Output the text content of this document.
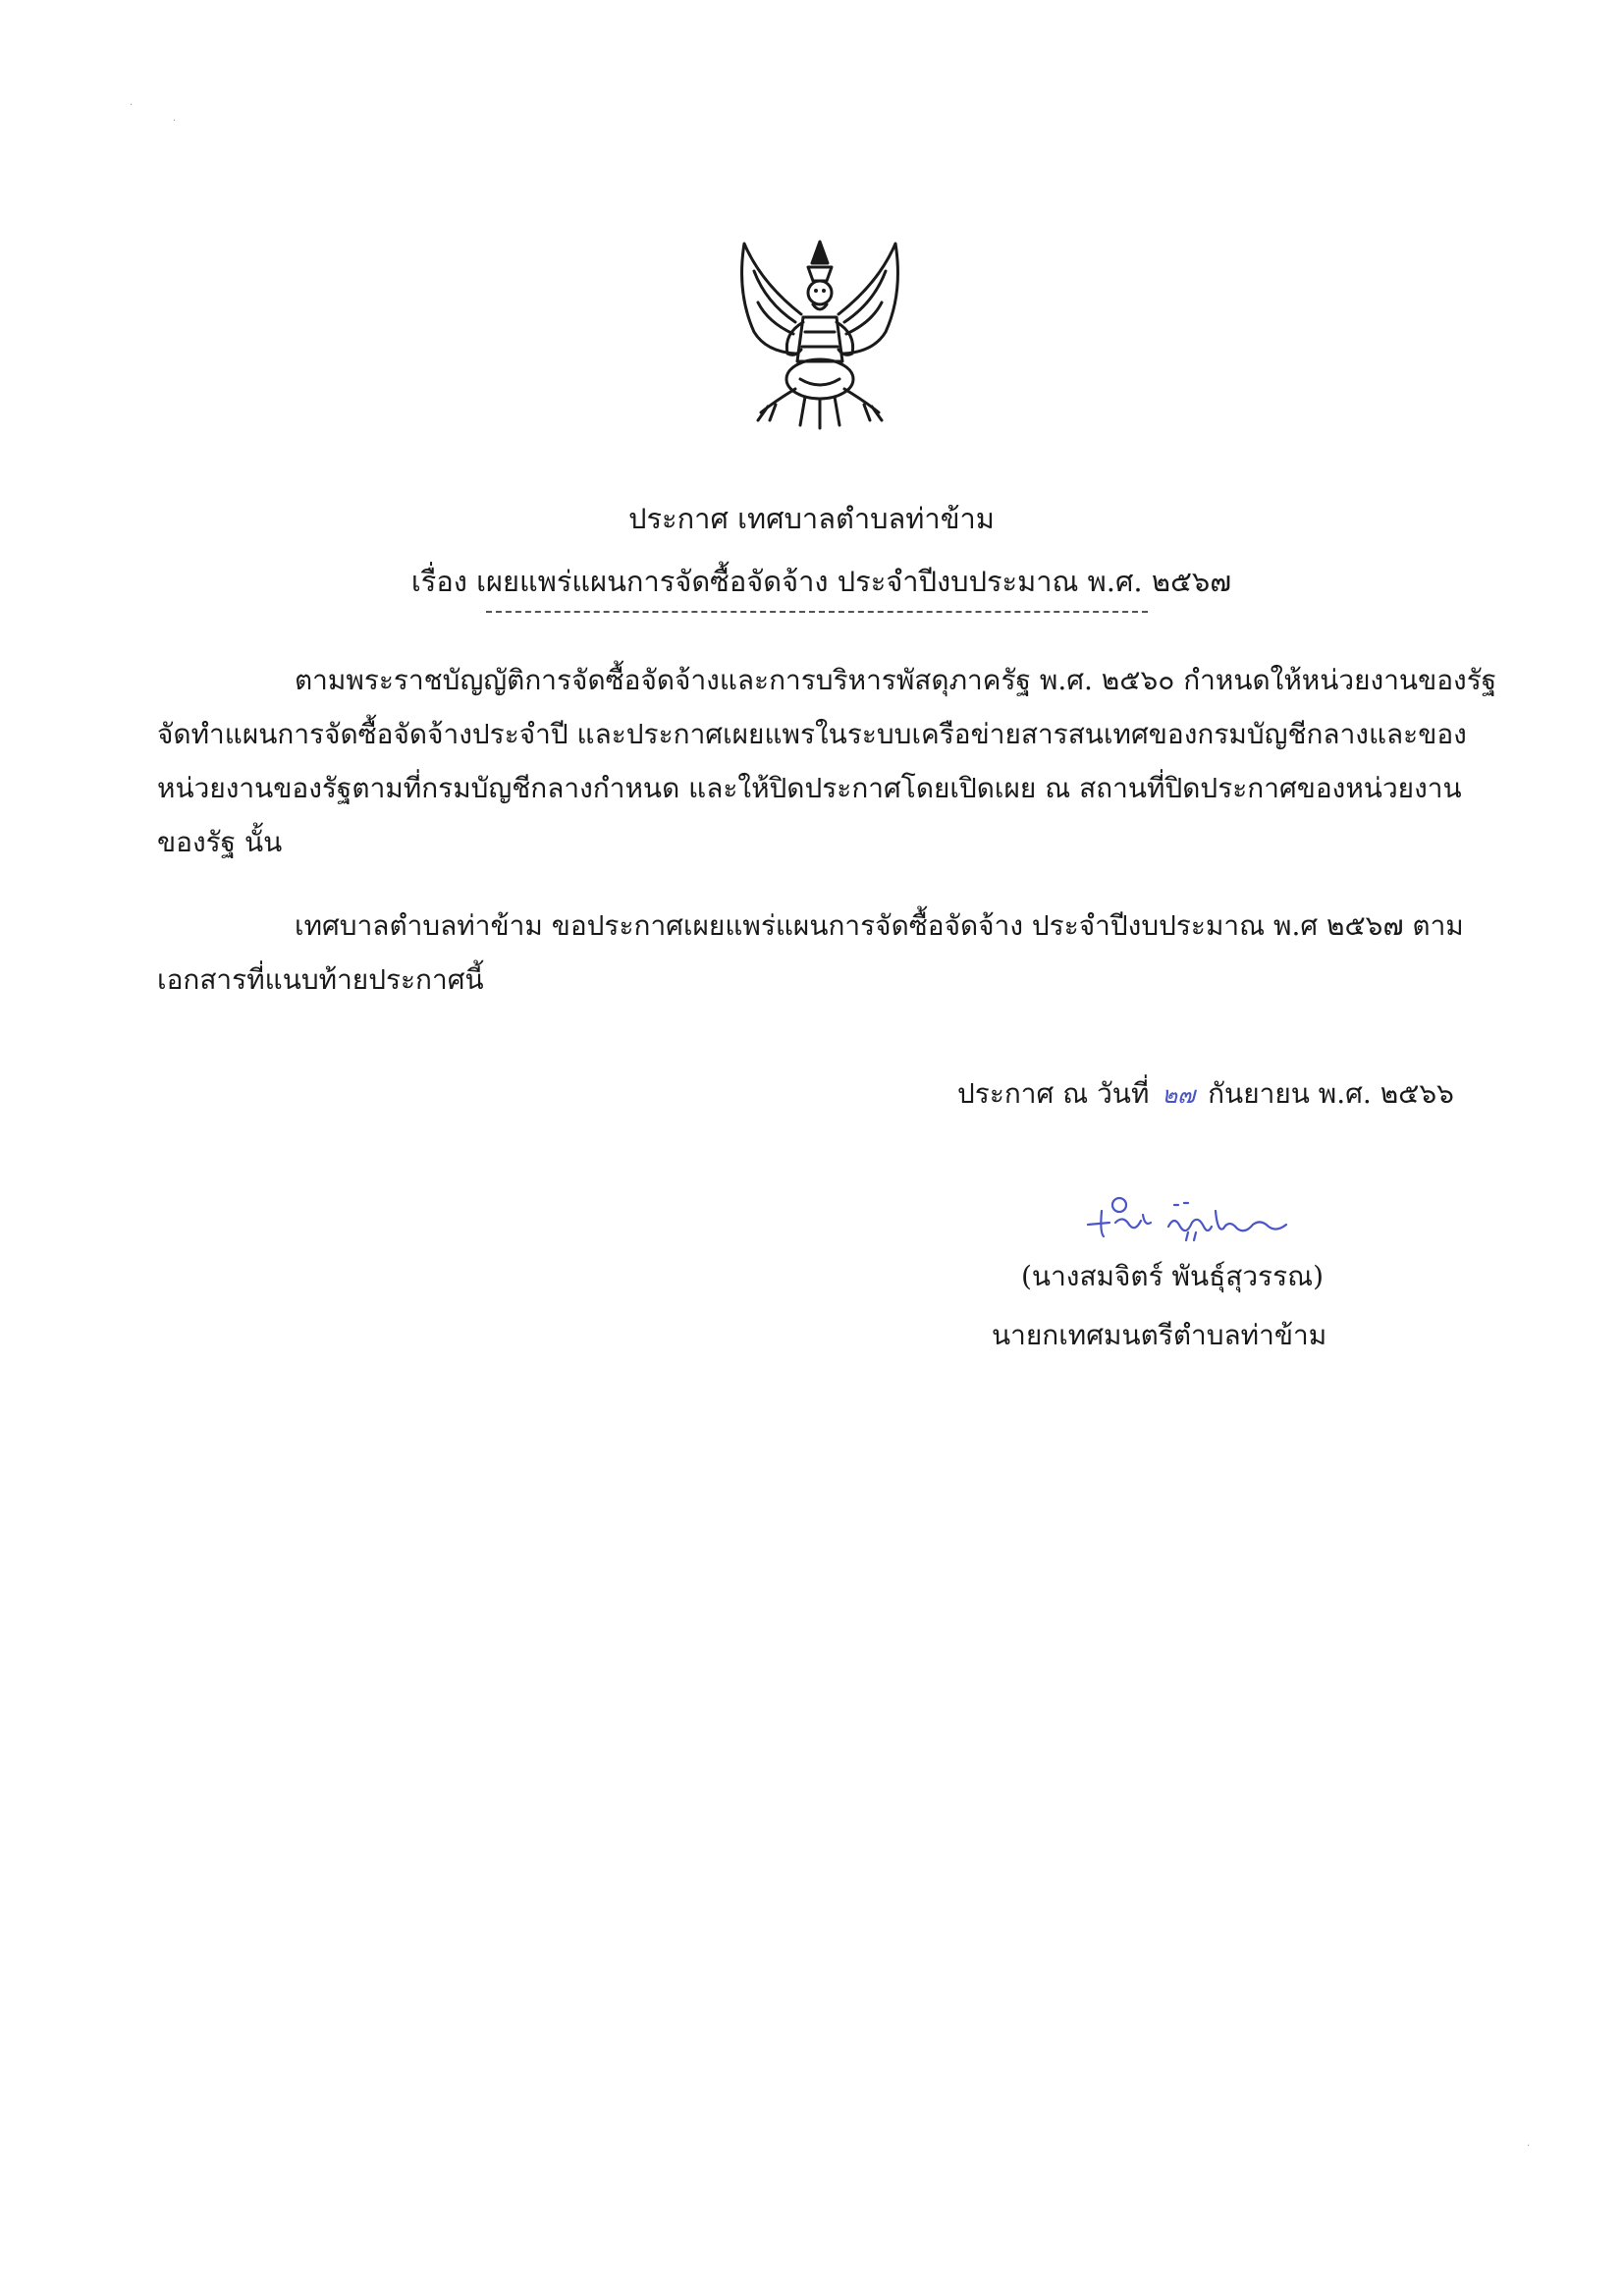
ประกาศ เทศบาลตำบลท่าข้าม
เรื่อง เผยแพร่แผนการจัดซื้อจัดจ้าง ประจำปีงบประมาณ พ.ศ. ๒๕๖๗
ตามพระราชบัญญัติการจัดซื้อจัดจ้างและการบริหารพัสดุภาครัฐ พ.ศ. ๒๕๖๐ กำหนดให้หน่วยงานของรัฐ
จัดทำแผนการจัดซื้อจัดจ้างประจำปี และประกาศเผยแพรในระบบเครือข่ายสารสนเทศของกรมบัญชีกลางและของ
หน่วยงานของรัฐตามที่กรมบัญชีกลางกำหนด และให้ปิดประกาศโดยเปิดเผย ณ สถานที่ปิดประกาศของหน่วยงาน
ของรัฐ นั้น
เทศบาลตำบลท่าข้าม ขอประกาศเผยแพร่แผนการจัดซื้อจัดจ้าง ประจำปีงบประมาณ พ.ศ ๒๕๖๗ ตาม
เอกสารที่แนบท้ายประกาศนี้
ประกาศ ณ วันที่ ๒๗ กันยายน พ.ศ. ๒๕๖๖
(นางสมจิตร์ พันธุ์สุวรรณ)
นายกเทศมนตรีตำบลท่าข้าม
·
·
·
